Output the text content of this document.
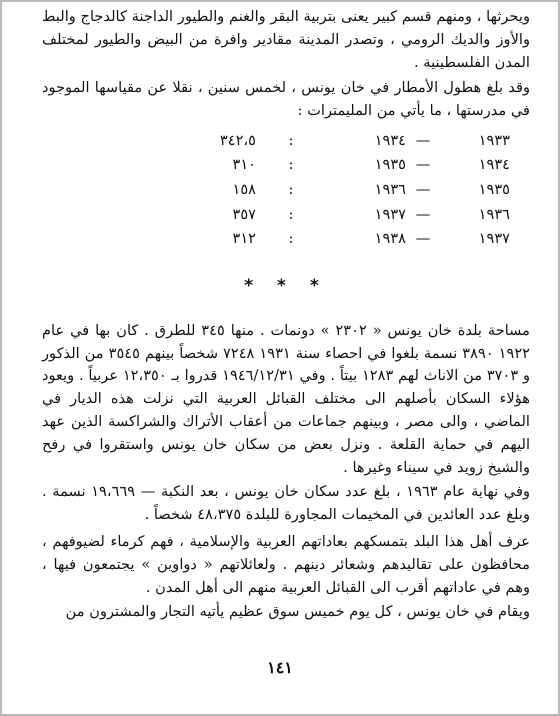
ويحرثها ، ومنهم قسم كبير يعنى بتربية البقر والغنم والطيور الداجنة كالدجاج والبط والأوز والديك الرومي ، وتصدر المدينة مقادير وافرة من البيض والطيور لمختلف المدن الفلسطينية .

وقد بلغ هطول الأمطار في خان يونس ، لخمس سنين ، نقلا عن مقياسها الموجود في مدرستها ، ما يأتي من المليمترات :

١٩٣٣	—	١٩٣٤	:	٣٤٢،٥
١٩٣٤	—	١٩٣٥	:	٣١٠
١٩٣٥	—	١٩٣٦	:	١٥٨
١٩٣٦	—	١٩٣٧	:	٣٥٧
١٩٣٧	—	١٩٣٨	:	٣١٢
* * *

مساحة بلدة خان يونس « ٢٣٠٢ » دونمات . منها ٣٤٥ للطرق . كان بها في عام ١٩٢٢ ٣٨٩٠ نسمة بلغوا في احصاء سنة ١٩٣١ ٧٢٤٨ شخصاً بينهم ٣٥٤٥ من الذكور و ٣٧٠٣ من الاناث لهم ١٢٨٣ بيتاً . وفي ١٩٤٦/١٢/٣١ قدروا بـ ١٢،٣٥٠ عربياً . ويعود هؤلاء السكان بأصلهم الى مختلف القبائل العربية التي نزلت هذه الديار في الماضي ، والى مصر ، وبينهم جماعات من أعقاب الأتراك والشراكسة الذين عهد اليهم في حماية القلعة . ونزل بعض من سكان خان يونس واستقروا في رفح والشيخ زويد في سيناء وغيرها .

وفي نهاية عام ١٩٦٣ ، بلغ عدد سكان خان يونس ، بعد النكبة — ١٩،٦٦٩ نسمة . وبلغ عدد العائدين في المخيمات المجاورة للبلدة ٤٨،٣٧٥ شخصاً .

عرف أهل هذا البلد بتمسكهم بعاداتهم العربية والإسلامية ، فهم كرماء لضيوفهم ، محافظون على تقاليدهم وشعائر دينهم . ولعائلاتهم « دواوين » يجتمعون فيها ، وهم في عاداتهم أقرب الى القبائل العربية منهم الى أهل المدن .

ويقام في خان يونس ، كل يوم خميس سوق عظيم يأتيه التجار والمشترون من

١٤١
